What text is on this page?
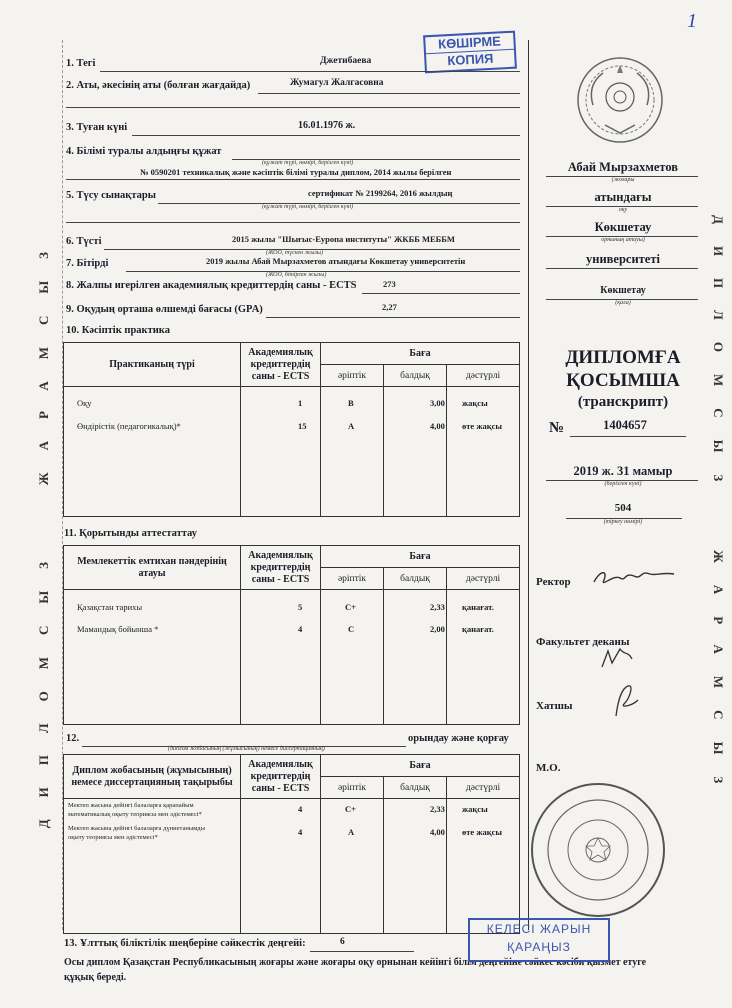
1
КӨШІРМЕ
КОПИЯ
ЖАРАМСЫЗ
ДИПЛОМСЫЗ
ДИПЛОМСЫЗ
ЖАРАМСЫЗ
1. Тегі	Джетибаева
2. Аты, әкесінің аты (болған жағдайда)	Жумагул Жалгасовна
3. Туған күні	16.01.1976 ж.
4. Білімі туралы алдыңғы құжат
(құжат түрі, нөмірі, берілген күні)
№ 0590201 техникалық және кәсіптік білімі туралы диплом, 2014 жылы берілген
5. Түсу сынақтары	сертификат № 2199264, 2016 жылдың
(құжат түрі, нөмірі, берілген күні)
6. Түсті	2015 жылы "Шығыс-Еуропа институты" ЖКББ МЕББМ
(ЖОО, түскен жылы)
7. Бітірді	2019 жылы Абай Мырзахметов атындағы Көкшетау университетін
(ЖОО, бітірген жылы)
8. Жалпы игерілген академиялық кредиттердің саны - ECTS	273
9. Оқудың орташа өлшемді бағасы (GPA)	2,27
10. Кәсіптік практика
Практиканың түрі	Академиялық кредиттердің саны - ECTS	Баға		
		әріптік	балдық	дәстүрлі

Оқу	1	B	3,00 жақсы
Өндірістік (педагогикалық)*	15	A	4,00 өте жақсы
11. Қорытынды аттестаттау
Мемлекеттік емтихан пәндерінің атауы	Академиялық кредиттердің саны - ECTS	Баға		
		әріптік	балдық	дәстүрлі

Қазақстан тарихы	5	C+	2,33 қанағат.
Мамандық бойынша *	4	C	2,00 қанағат.
12.
(диплом жобасының (жұмысының) немесе диссертацияның)
орындау және қорғау
Диплом жобасының (жұмысының) немесе диссертацияның тақырыбы	Академиялық кредиттердің саны - ECTS	Баға		
		әріптік	балдық	дәстүрлі

Мектеп жасына дейінгі балаларға қарапайым
математикалық оқыту теориясы мен әдістемесі*
4	C+	2,33 жақсы
Мектеп жасына дейінгі балаларға дүниетанымды
оқыту теориясы мен әдістемесі*
4	A	4,00 өте жақсы
13. Ұлттық біліктілік шеңберіне сәйкестік деңгейі:	6
Осы диплом Қазақстан Республикасының жоғары және жоғары оқу орнынан кейінгі білім деңгейіне сәйкес кәсіби қызмет етуге
құқық береді.
Абай Мырзахметов
(жоғары
атындағы
оқу
Көкшетау
орнының атауы)
университеті
Көкшетау
(қала)
ДИПЛОМҒА
ҚОСЫМША
(транскрипт)
№	1404657
2019 ж. 31 мамыр
(берілген күні)
504
(тіркеу нөмірі)
Ректор
Факультет деканы
Хатшы
М.О.
КЕЛЕСІ ЖАРЫН
ҚАРАҢЫЗ
